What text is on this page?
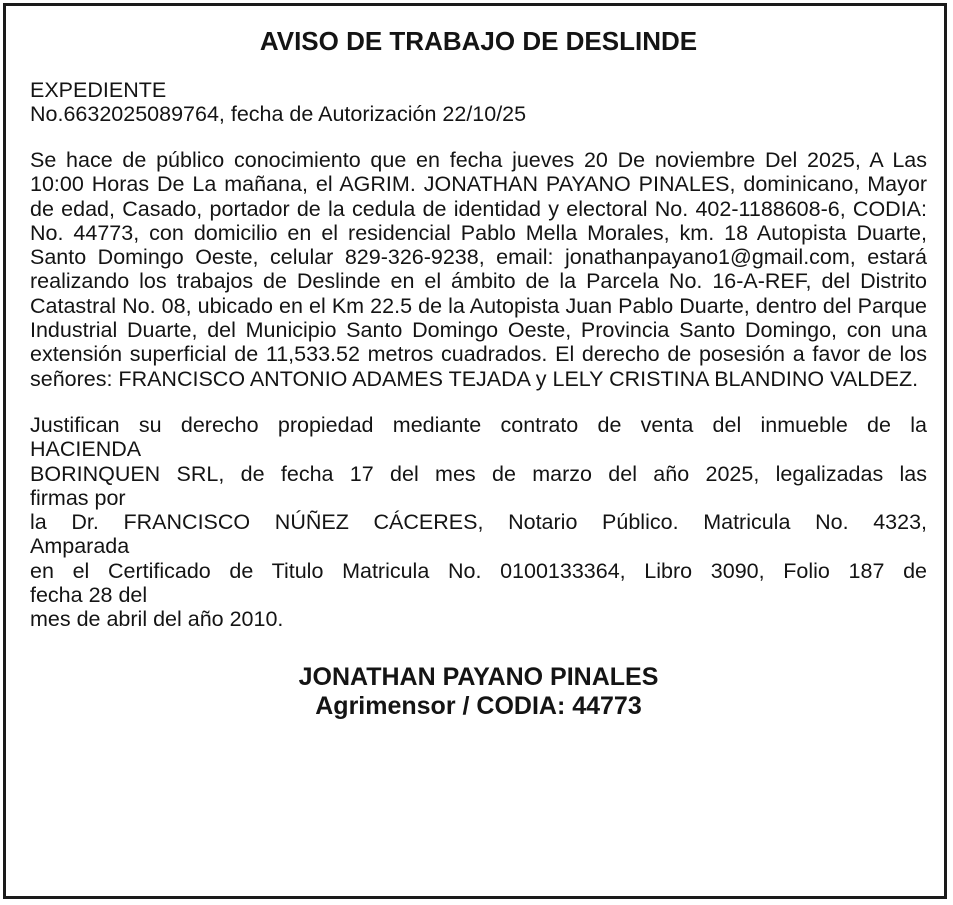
AVISO DE TRABAJO DE DESLINDE
EXPEDIENTE
No.6632025089764, fecha de Autorización 22/10/25

Se hace de público conocimiento que en fecha jueves 20 De noviembre Del 2025, A Las 10:00 Horas De La mañana, el AGRIM. JONATHAN PAYANO PINALES, dominicano, Mayor de edad, Casado, portador de la cedula de identidad y electoral No. 402-1188608-6, CODIA: No. 44773, con domicilio en el residencial Pablo Mella Morales, km. 18 Autopista Duarte, Santo Domingo Oeste, celular 829-326-9238, email: jonathanpayano1@gmail.com, estará realizando los trabajos de Deslinde en el ámbito de la Parcela No. 16-A-REF, del Distrito Catastral No. 08, ubicado en el Km 22.5 de la Autopista Juan Pablo Duarte, dentro del Parque Industrial Duarte, del Municipio Santo Domingo Oeste, Provincia Santo Domingo, con una extensión superficial de 11,533.52 metros cuadrados. El derecho de posesión a favor de los señores: FRANCISCO ANTONIO ADAMES TEJADA y LELY CRISTINA BLANDINO VALDEZ.

Justifican su derecho propiedad mediante contrato de venta del inmueble de la
HACIENDA
BORINQUEN SRL, de fecha 17 del mes de marzo del año 2025, legalizadas las
firmas por
la Dr. FRANCISCO NÚÑEZ CÁCERES, Notario Público. Matricula No. 4323,
Amparada
en el Certificado de Titulo Matricula No. 0100133364, Libro 3090, Folio 187 de
fecha 28 del
mes de abril del año 2010.
JONATHAN PAYANO PINALES
Agrimensor / CODIA: 44773
